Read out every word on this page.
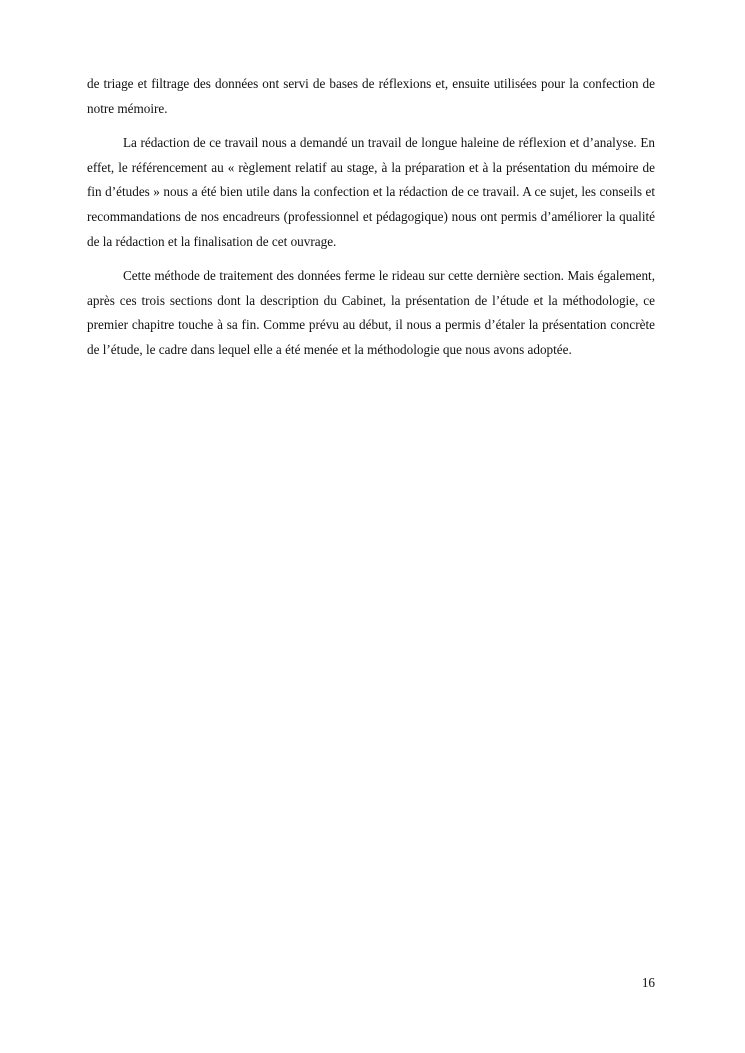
de triage et filtrage des données ont servi de bases de réflexions et, ensuite utilisées pour la confection de notre mémoire.

La rédaction de ce travail nous a demandé un travail de longue haleine de réflexion et d’analyse. En effet, le référencement au « règlement relatif au stage, à la préparation et à la présentation du mémoire de fin d’études » nous a été bien utile dans la confection et la rédaction de ce travail. A ce sujet, les conseils et recommandations de nos encadreurs (professionnel et pédagogique) nous ont permis d’améliorer la qualité de la rédaction et la finalisation de cet ouvrage.

Cette méthode de traitement des données ferme le rideau sur cette dernière section. Mais également, après ces trois sections dont la description du Cabinet, la présentation de l’étude et la méthodologie, ce premier chapitre touche à sa fin. Comme prévu au début, il nous a permis d’étaler la présentation concrète de l’étude, le cadre dans lequel elle a été menée et la méthodologie que nous avons adoptée.

16
